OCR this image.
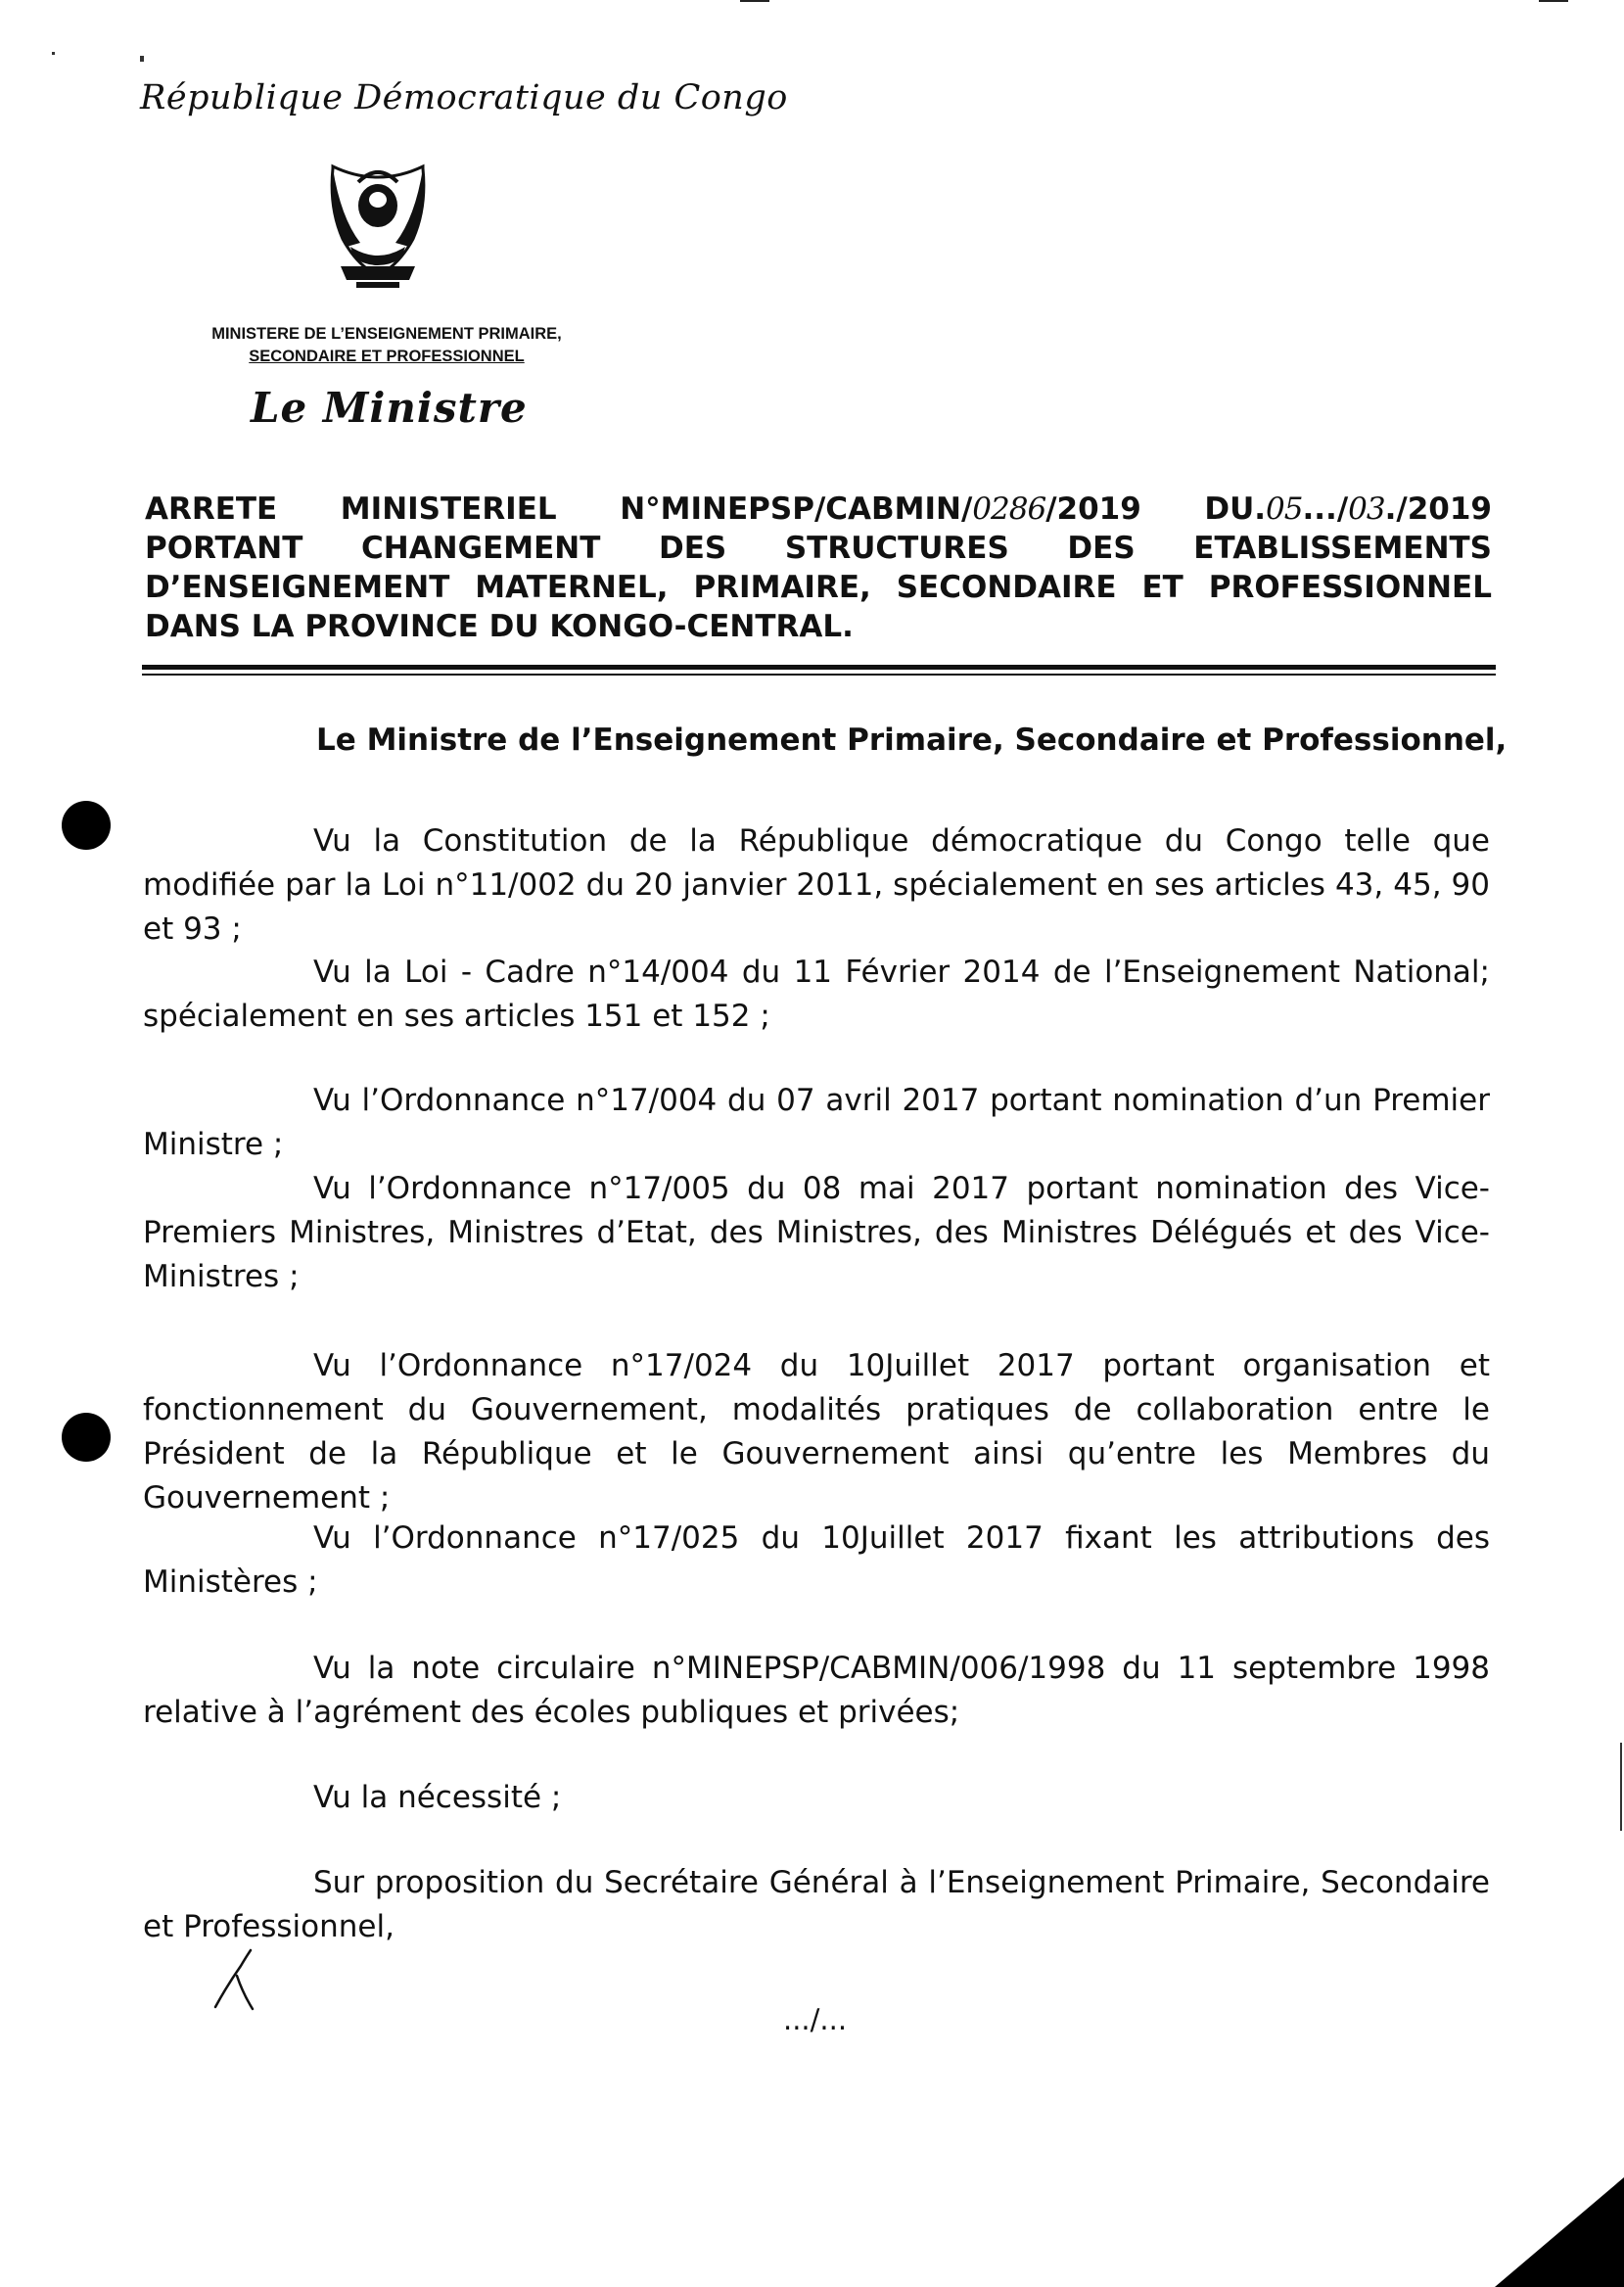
République Démocratique du Congo
MINISTERE DE L’ENSEIGNEMENT PRIMAIRE,
SECONDAIRE ET PROFESSIONNEL
Le Ministre
ARRETE MINISTERIEL N°MINEPSP/CABMIN/0286/2019 DU.05.../03./2019
PORTANT CHANGEMENT DES STRUCTURES DES ETABLISSEMENTS
D’ENSEIGNEMENT MATERNEL, PRIMAIRE, SECONDAIRE ET PROFESSIONNEL
DANS LA PROVINCE DU KONGO-CENTRAL.
Le Ministre de l’Enseignement Primaire, Secondaire et Professionnel,
Vu la Constitution de la République démocratique du Congo telle que modifiée par la Loi n°11/002 du 20 janvier 2011, spécialement en ses articles 43, 45, 90 et 93 ;
Vu la Loi - Cadre n°14/004 du 11 Février 2014 de l’Enseignement National; spécialement en ses articles 151 et 152 ;
Vu l’Ordonnance n°17/004 du 07 avril 2017 portant nomination d’un Premier Ministre ;
Vu l’Ordonnance n°17/005 du 08 mai 2017 portant nomination des Vice-Premiers Ministres, Ministres d’Etat, des Ministres, des Ministres Délégués et des Vice-Ministres ;
Vu l’Ordonnance n°17/024 du 10Juillet 2017 portant organisation et fonctionnement du Gouvernement, modalités pratiques de collaboration entre le Président de la République et le Gouvernement ainsi qu’entre les Membres du Gouvernement ;
Vu l’Ordonnance n°17/025 du 10Juillet 2017 fixant les attributions des Ministères ;
Vu la note circulaire n°MINEPSP/CABMIN/006/1998 du 11 septembre 1998 relative à l’agrément des écoles publiques et privées;
Vu la nécessité ;
Sur proposition du Secrétaire Général à l’Enseignement Primaire, Secondaire et Professionnel,
.../...
